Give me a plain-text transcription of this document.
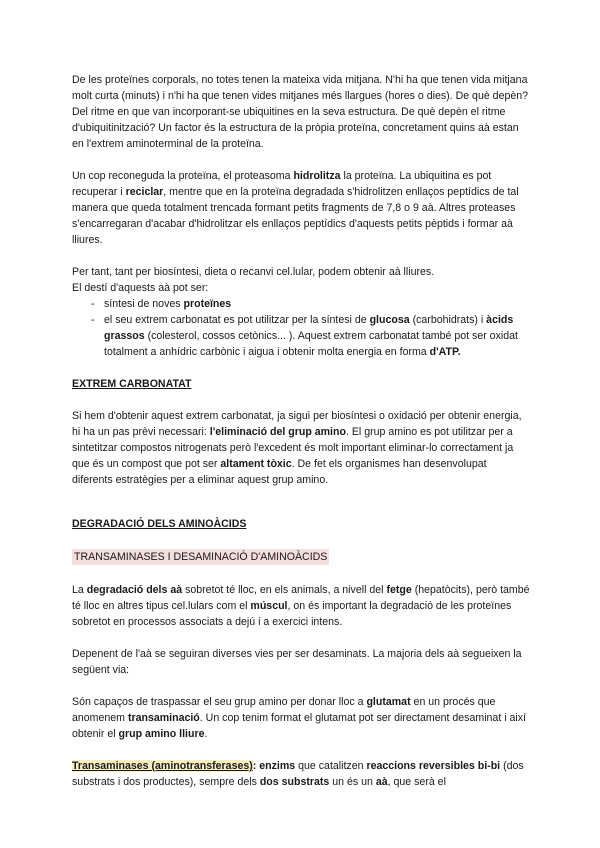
De les proteïnes corporals, no totes tenen la mateixa vida mitjana. N'hi ha que tenen vida mitjana molt curta (minuts) i n'hi ha que tenen vides mitjanes més llargues (hores o dies). De què depèn? Del ritme en que van incorporant-se ubiquitines en la seva estructura. De què depèn el ritme d'ubiquitinització? Un factor és la estructura de la pròpia proteïna, concretament quins aà estan en l'extrem aminoterminal de la proteïna.

Un cop reconeguda la proteïna, el proteasoma hidrolitza la proteïna. La ubiquitina es pot recuperar i reciclar, mentre que en la proteïna degradada s'hidrolitzen enllaços peptídics de tal manera que queda totalment trencada formant petits fragments de 7,8 o 9 aà. Altres proteases s'encarregaran d'acabar d'hidrolitzar els enllaços peptídics d'aquests petits pèptids i formar aà lliures.

Per tant, tant per biosíntesi, dieta o recanvi cel.lular, podem obtenir aà lliures.

El destí d'aquests aà pot ser:

- síntesi de noves proteïnes
- el seu extrem carbonatat es pot utilitzar per la síntesi de glucosa (carbohidrats) i àcids grassos (colesterol, cossos cetònics... ). Aquest extrem carbonatat també pot ser oxidat totalment a anhídric carbònic i aigua i obtenir molta energia en forma d'ATP.
EXTREM CARBONATAT

Si hem d'obtenir aquest extrem carbonatat, ja sigui per biosíntesi o oxidació per obtenir energia, hi ha un pas prèvi necessari: l'eliminació del grup amino. El grup amino es pot utilitzar per a sintetitzar compostos nitrogenats però l'excedent és molt important eliminar-lo correctament ja que és un compost que pot ser altament tòxic. De fet els organismes han desenvolupat diferents estratègies per a eliminar aquest grup amino.

DEGRADACIÓ DELS AMINOÀCIDS
TRANSAMINASES I DESAMINACIÓ D'AMINOÀCIDS

La degradació dels aà sobretot té lloc, en els animals, a nivell del fetge (hepatòcits), però també té lloc en altres tipus cel.lulars com el múscul, on és important la degradació de les proteïnes sobretot en processos associats a dejú i a exercici intens.

Depenent de l'aà se seguiran diverses vies per ser desaminats. La majoria dels aà segueixen la següent via:

Són capaços de traspassar el seu grup amino per donar lloc a glutamat en un procés que anomenem transaminació. Un cop tenim format el glutamat pot ser directament desaminat i així obtenir el grup amino lliure.

Transaminases (aminotransferases): enzims que catalitzen reaccions reversibles bi-bi (dos substrats i dos productes), sempre dels dos substrats un és un aà, que serà el
